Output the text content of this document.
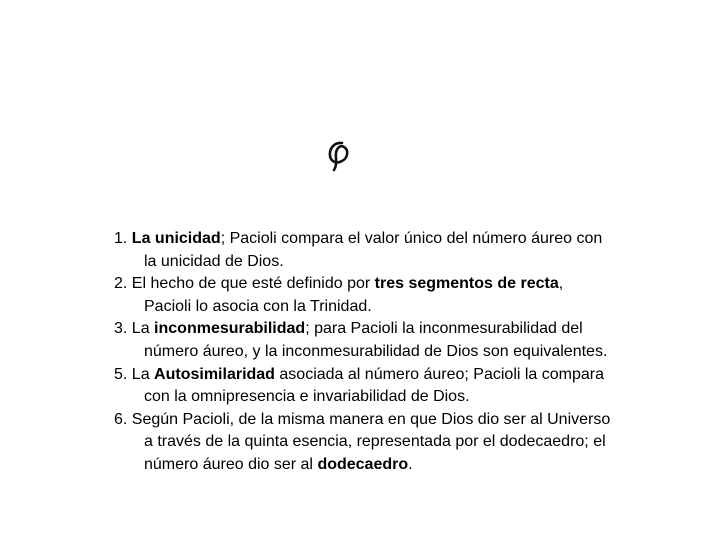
1. La unicidad; Pacioli compara el valor único del número áureo con la unicidad de Dios.

2. El hecho de que esté definido por tres segmentos de recta, Pacioli lo asocia con la Trinidad.

3. La inconmesurabilidad; para Pacioli la inconmesurabilidad del número áureo, y la inconmesurabilidad de Dios son equivalentes.

5. La Autosimilaridad asociada al número áureo; Pacioli la compara con la omnipresencia e invariabilidad de Dios.

6. Según Pacioli, de la misma manera en que Dios dio ser al Universo a través de la quinta esencia, representada por el dodecaedro; el número áureo dio ser al dodecaedro.
